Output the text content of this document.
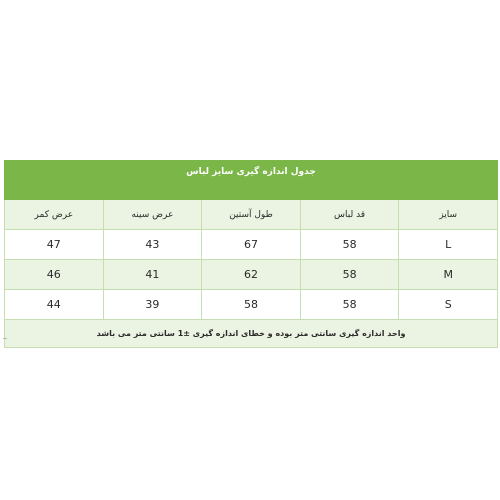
جدول اندازه گیری سایز لباس				
عرض کمر	عرض سینه	طول آستین	قد لباس	سایز
47	43	67	58	L
46	41	62	58	M
44	39	58	58	S
واحد اندازه گیری سانتی متر بوده و خطای اندازه گیری ±1 سانتی متر می باشد				
